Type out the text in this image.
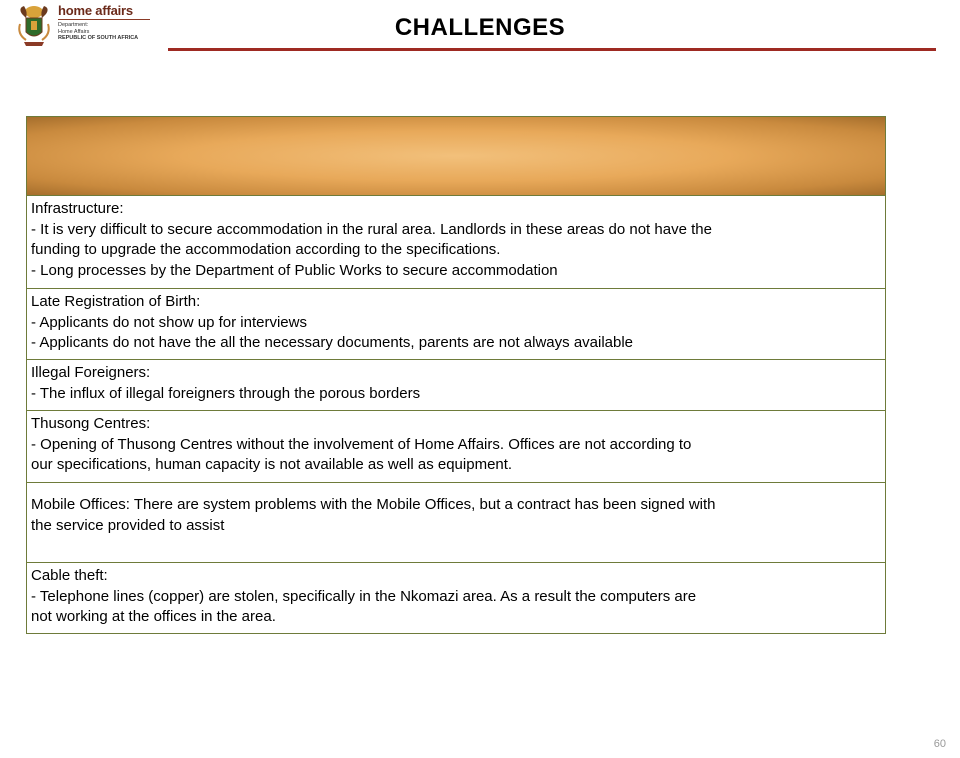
home affairs
Department:
Home Affairs
REPUBLIC OF SOUTH AFRICA	CHALLENGES
Infrastructure:
- It is very difficult to secure accommodation in the rural area. Landlords in these areas do not have the
funding to upgrade the accommodation according to the specifications.
- Long processes by the Department of Public Works to secure accommodation
Late Registration of Birth:
- Applicants do not show up for interviews
- Applicants do not have the all the necessary documents, parents are not always available
Illegal Foreigners:
- The influx of illegal foreigners through the porous borders
Thusong Centres:
- Opening of Thusong Centres without the involvement of Home Affairs. Offices are not according to
our specifications, human capacity is not available as well as equipment.
Mobile Offices: There are system problems with the Mobile Offices, but a contract has been signed with
the service provided to assist
Cable theft:
- Telephone lines (copper) are stolen, specifically in the Nkomazi area. As a result the computers are
not working at the offices in the area.
60
